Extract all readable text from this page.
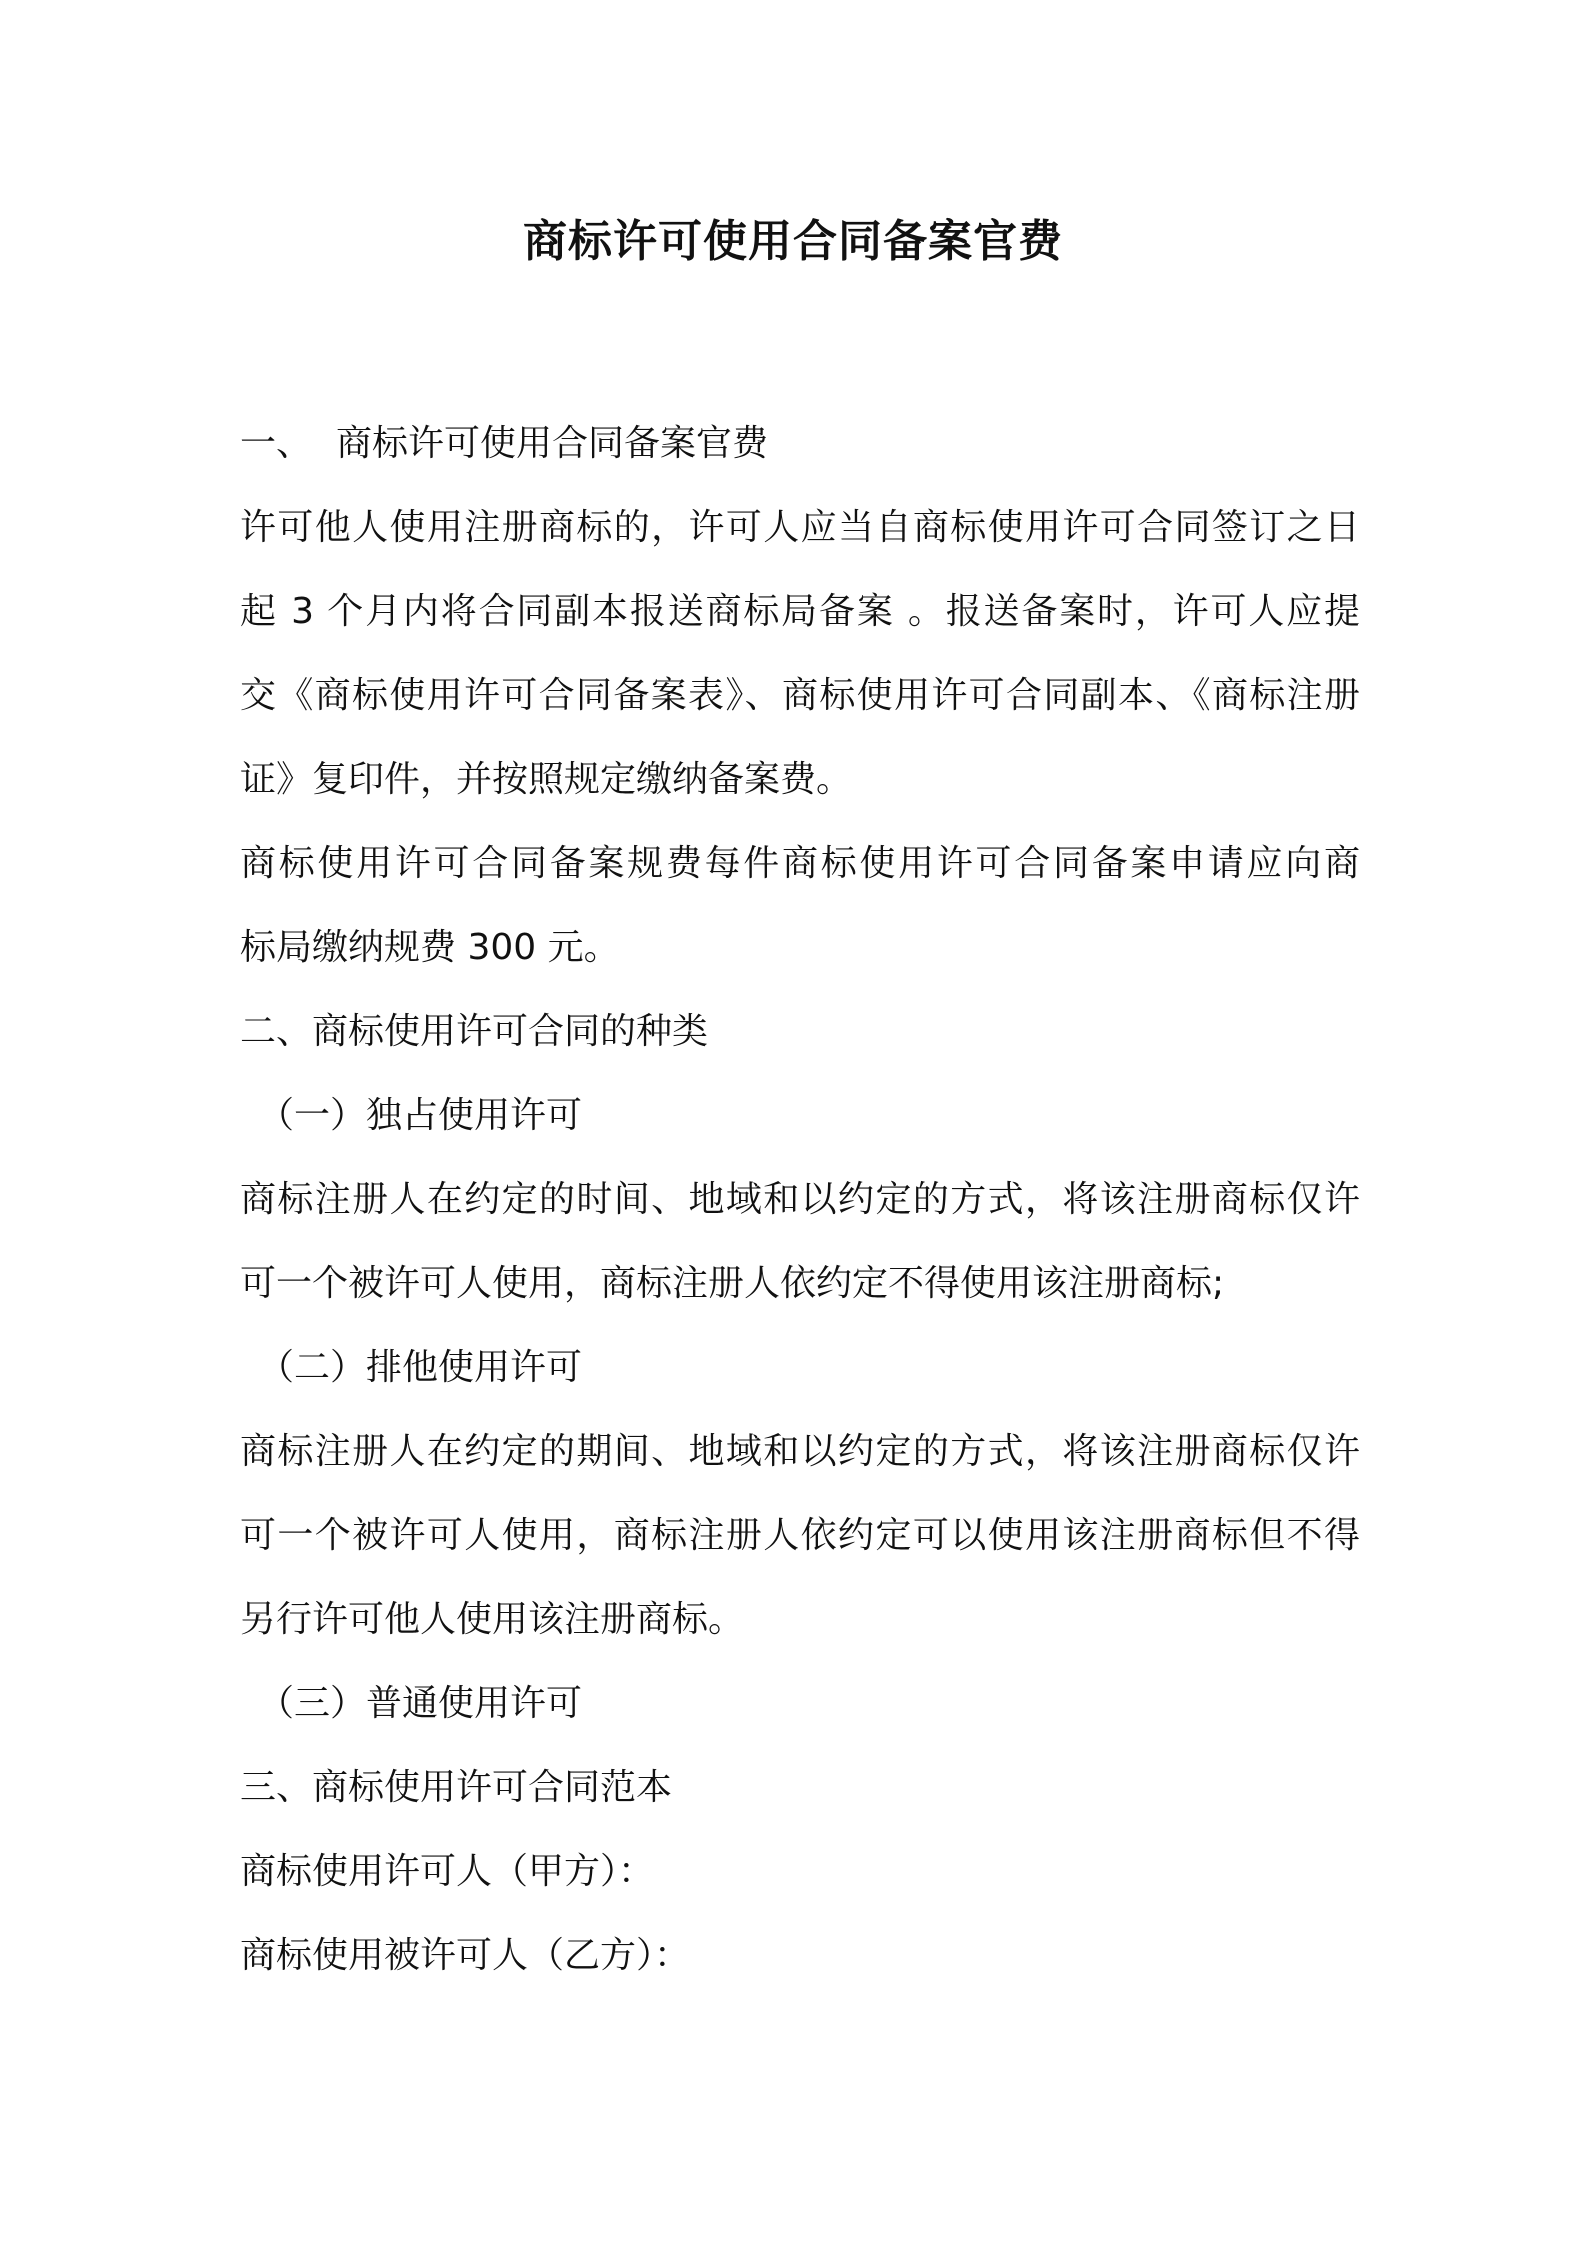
商标许可使用合同备案官费
一、 商标许可使用合同备案官费
许可他人使用注册商标的，许可人应当自商标使用许可合同签订之日
起 3 个月内将合同副本报送商标局备案 。报送备案时，许可人应提
交《商标使用许可合同备案表》、商标使用许可合同副本、《商标注册
证》复印件，并按照规定缴纳备案费。
商标使用许可合同备案规费每件商标使用许可合同备案申请应向商
标局缴纳规费 300 元。
二、商标使用许可合同的种类
（一）独占使用许可
商标注册人在约定的时间、地域和以约定的方式，将该注册商标仅许
可一个被许可人使用，商标注册人依约定不得使用该注册商标;
（二）排他使用许可
商标注册人在约定的期间、地域和以约定的方式，将该注册商标仅许
可一个被许可人使用，商标注册人依约定可以使用该注册商标但不得
另行许可他人使用该注册商标。
（三）普通使用许可
三、商标使用许可合同范本
商标使用许可人（甲方）：
商标使用被许可人（乙方）：
